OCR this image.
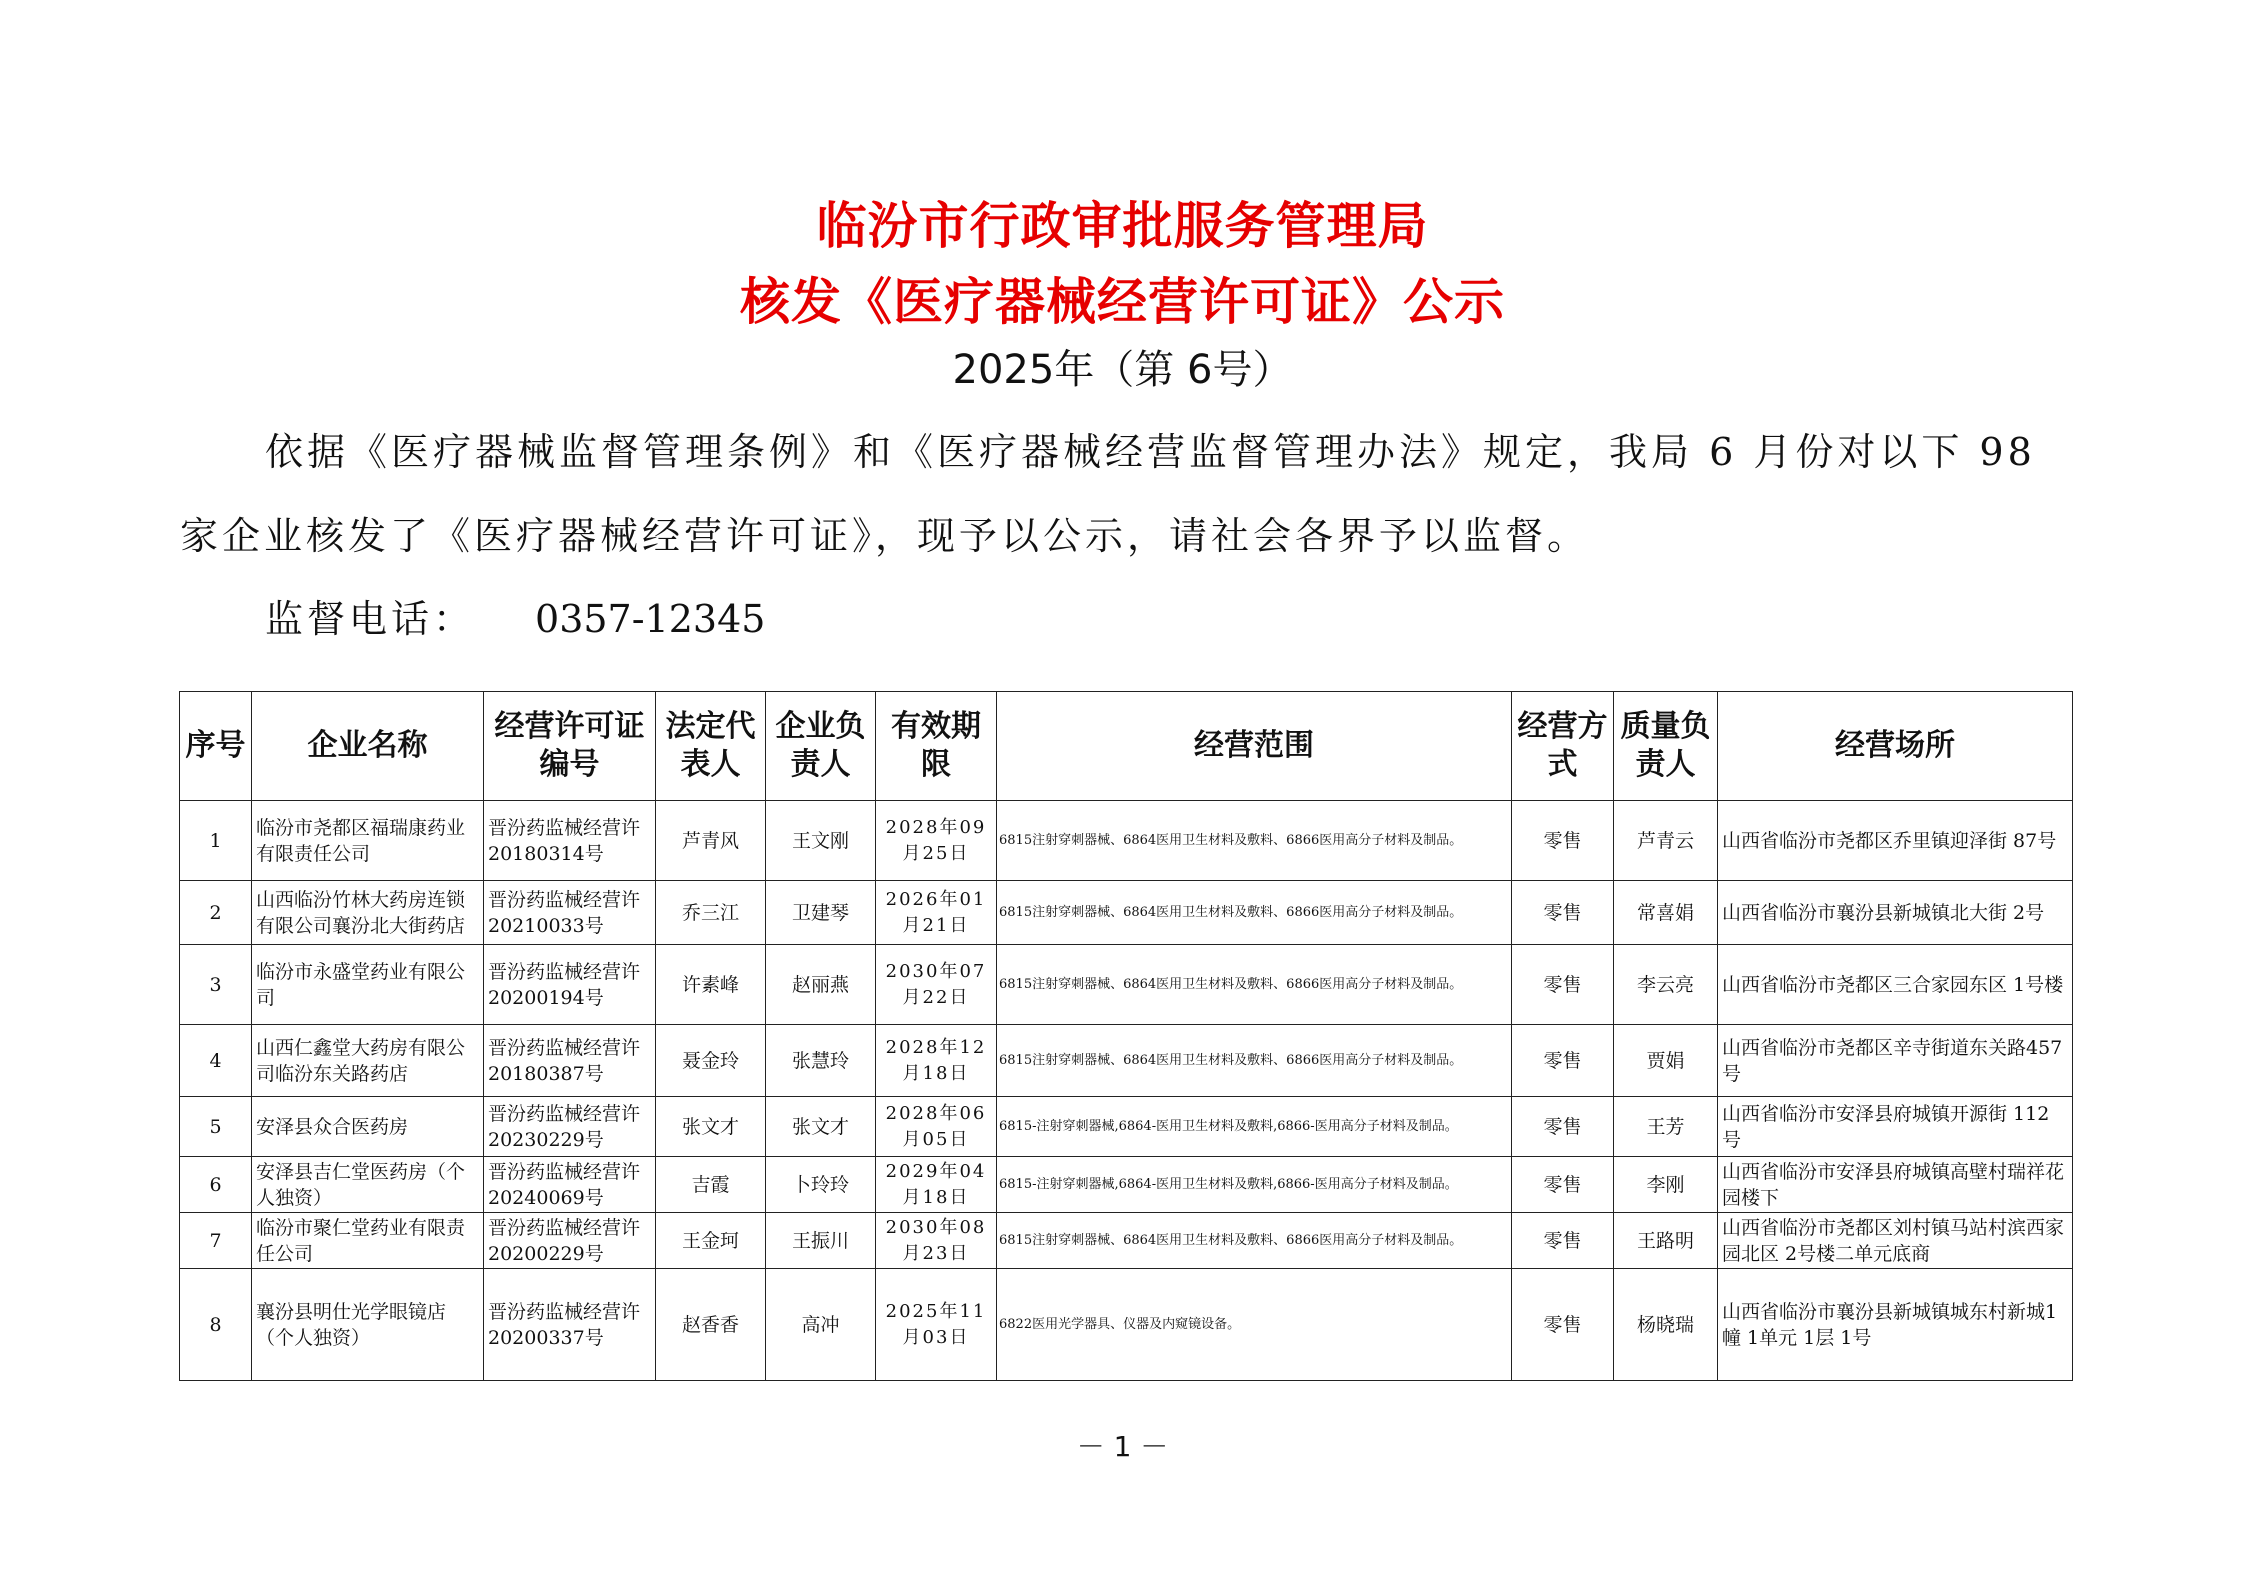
临汾市行政审批服务管理局
核发《医疗器械经营许可证》公示
2025年（第 6号）

依据《医疗器械监督管理条例》和《医疗器械经营监督管理办法》规定，我局 6 月份对以下 98 家企业核发了《医疗器械经营许可证》，现予以公示，请社会各界予以监督。

监督电话： 0357-12345
序号	企业名称	经营许可证编号	法定代表人	企业负责人	有效期限	经营范围	经营方式	质量负责人	经营场所
1	临汾市尧都区福瑞康药业有限责任公司	晋汾药监械经营许20180314号	芦青风	王文刚	2028年09月25日	6815注射穿刺器械、6864医用卫生材料及敷料、6866医用高分子材料及制品。	零售	芦青云	山西省临汾市尧都区乔里镇迎泽街 87号
2	山西临汾竹林大药房连锁有限公司襄汾北大街药店	晋汾药监械经营许20210033号	乔三江	卫建琴	2026年01月21日	6815注射穿刺器械、6864医用卫生材料及敷料、6866医用高分子材料及制品。	零售	常喜娟	山西省临汾市襄汾县新城镇北大街 2号
3	临汾市永盛堂药业有限公司	晋汾药监械经营许20200194号	许素峰	赵丽燕	2030年07月22日	6815注射穿刺器械、6864医用卫生材料及敷料、6866医用高分子材料及制品。	零售	李云亮	山西省临汾市尧都区三合家园东区 1号楼
4	山西仁鑫堂大药房有限公司临汾东关路药店	晋汾药监械经营许20180387号	聂金玲	张慧玲	2028年12月18日	6815注射穿刺器械、6864医用卫生材料及敷料、6866医用高分子材料及制品。	零售	贾娟	山西省临汾市尧都区辛寺街道东关路457号
5	安泽县众合医药房	晋汾药监械经营许20230229号	张文才	张文才	2028年06月05日	6815-注射穿刺器械,6864-医用卫生材料及敷料,6866-医用高分子材料及制品。	零售	王芳	山西省临汾市安泽县府城镇开源街 112号
6	安泽县吉仁堂医药房（个人独资）	晋汾药监械经营许20240069号	吉霞	卜玲玲	2029年04月18日	6815-注射穿刺器械,6864-医用卫生材料及敷料,6866-医用高分子材料及制品。	零售	李刚	山西省临汾市安泽县府城镇高壁村瑞祥花园楼下
7	临汾市聚仁堂药业有限责任公司	晋汾药监械经营许20200229号	王金珂	王振川	2030年08月23日	6815注射穿刺器械、6864医用卫生材料及敷料、6866医用高分子材料及制品。	零售	王路明	山西省临汾市尧都区刘村镇马站村滨西家园北区 2号楼二单元底商
8	襄汾县明仕光学眼镜店（个人独资）	晋汾药监械经营许20200337号	赵香香	高冲	2025年11月03日	6822医用光学器具、仪器及内窥镜设备。	零售	杨晓瑞	山西省临汾市襄汾县新城镇城东村新城1幢 1单元 1层 1号
－ 1 －
